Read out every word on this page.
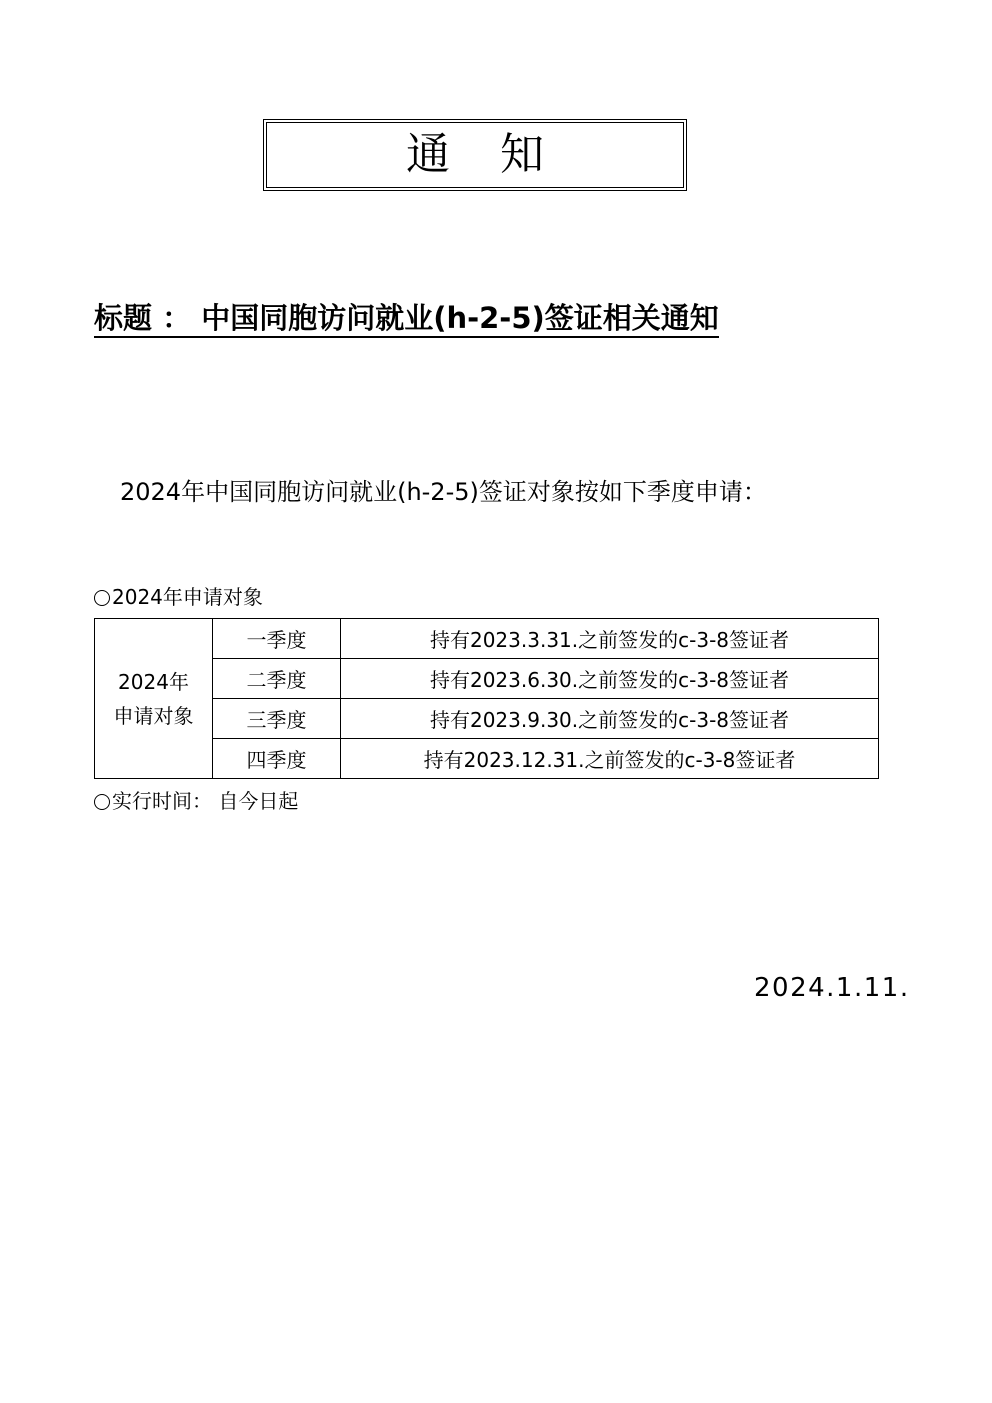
通 知
标题 ： 中国同胞访问就业(h-2-5)签证相关通知
2024年中国同胞访问就业(h-2-5)签证对象按如下季度申请：
2024年申请对象
2024年
申请对象	一季度	持有2023.3.31.之前签发的c-3-8签证者
	二季度	持有2023.6.30.之前签发的c-3-8签证者
	三季度	持有2023.9.30.之前签发的c-3-8签证者
	四季度	持有2023.12.31.之前签发的c-3-8签证者
实行时间： 自今日起
2024.1.11.
